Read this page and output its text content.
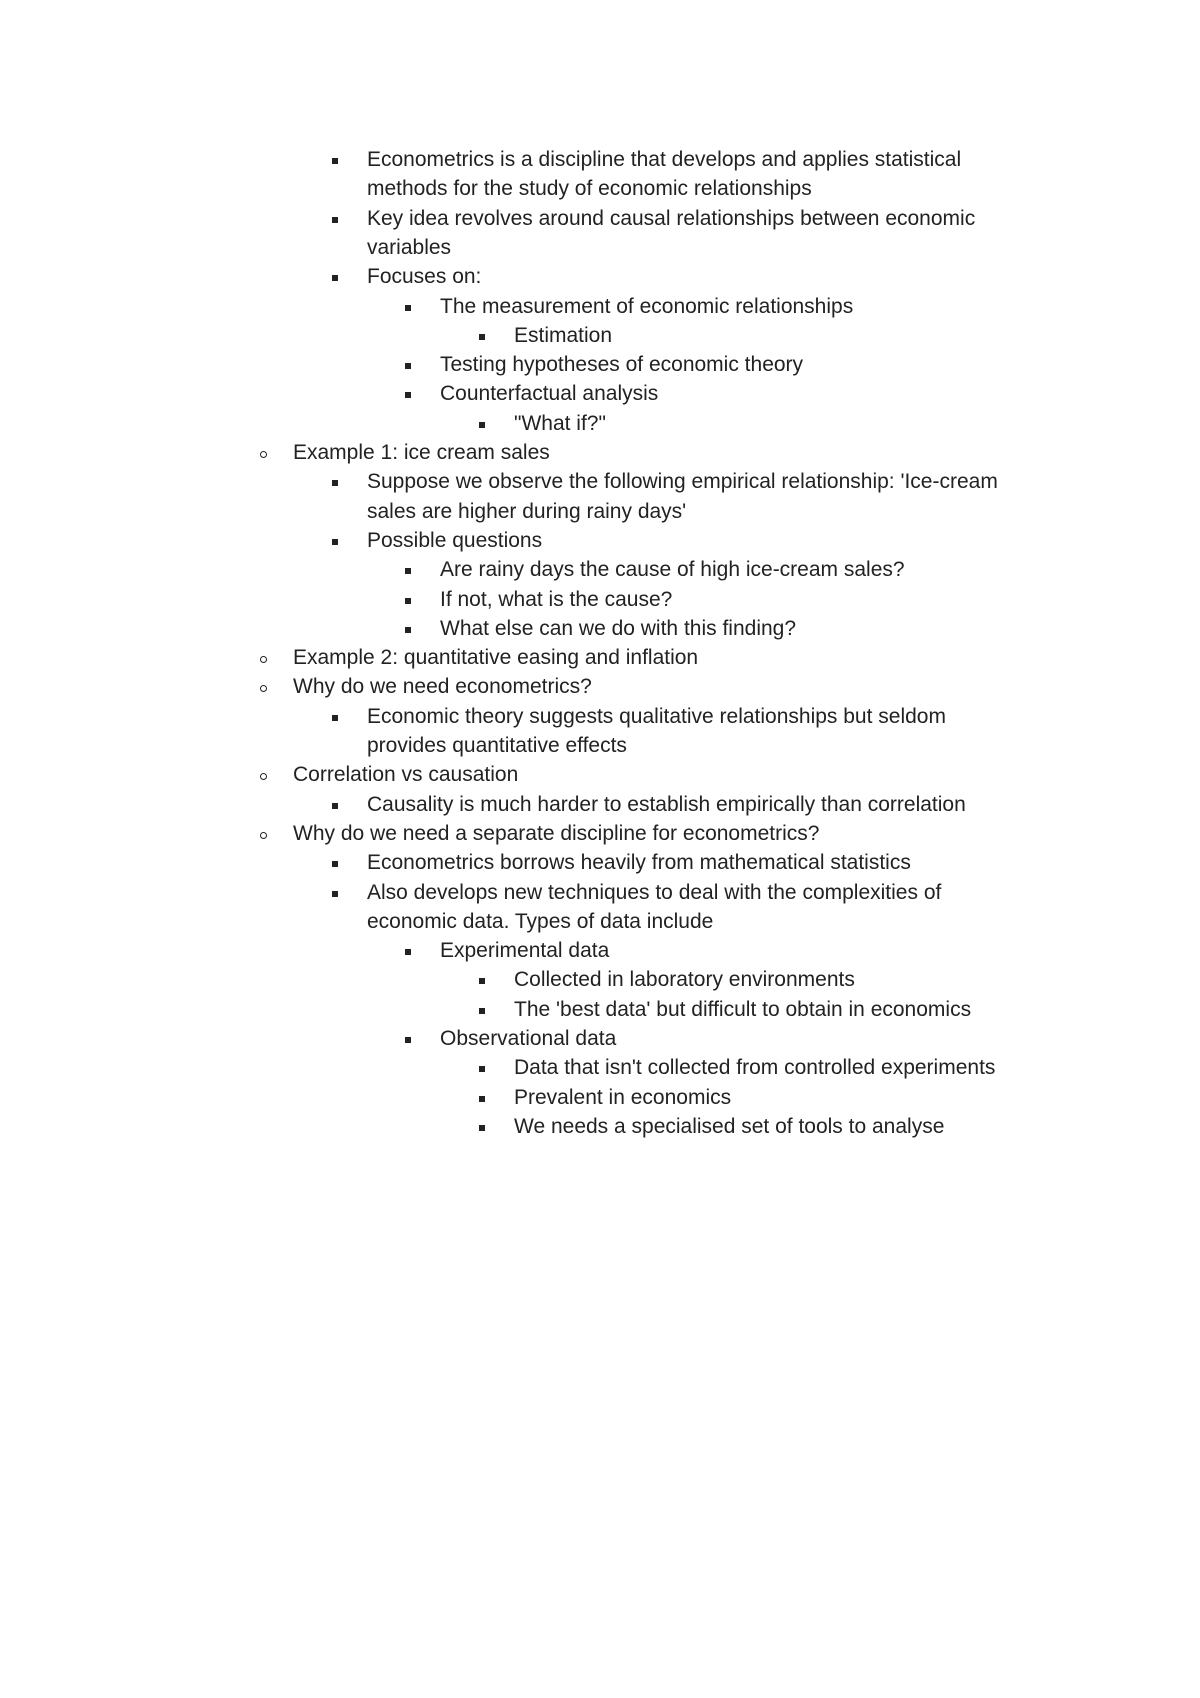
Econometrics is a discipline that develops and applies statistical
methods for the study of economic relationships
Key idea revolves around causal relationships between economic
variables
Focuses on:
The measurement of economic relationships
Estimation
Testing hypotheses of economic theory
Counterfactual analysis
"What if?"
Example 1: ice cream sales
Suppose we observe the following empirical relationship: 'Ice-cream
sales are higher during rainy days'
Possible questions
Are rainy days the cause of high ice-cream sales?
If not, what is the cause?
What else can we do with this finding?
Example 2: quantitative easing and inflation
Why do we need econometrics?
Economic theory suggests qualitative relationships but seldom
provides quantitative effects
Correlation vs causation
Causality is much harder to establish empirically than correlation
Why do we need a separate discipline for econometrics?
Econometrics borrows heavily from mathematical statistics
Also develops new techniques to deal with the complexities of
economic data. Types of data include
Experimental data
Collected in laboratory environments
The 'best data' but difficult to obtain in economics
Observational data
Data that isn't collected from controlled experiments
Prevalent in economics
We needs a specialised set of tools to analyse
